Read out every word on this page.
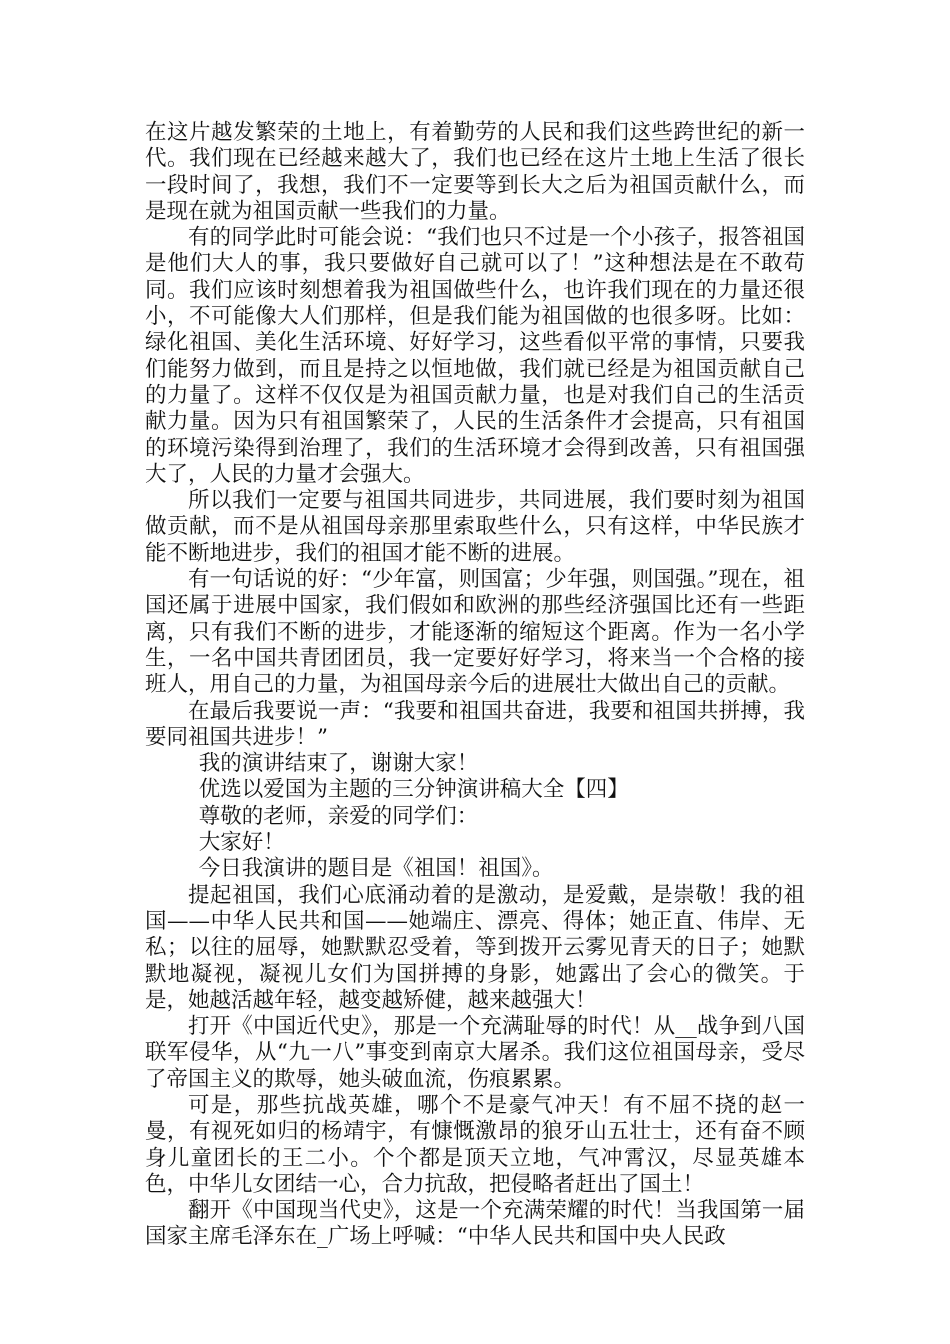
在这片越发繁荣的土地上，有着勤劳的人民和我们这些跨世纪的新一代。我们现在已经越来越大了，我们也已经在这片土地上生活了很长一段时间了，我想，我们不一定要等到长大之后为祖国贡献什么，而是现在就为祖国贡献一些我们的力量。

有的同学此时可能会说：“我们也只不过是一个小孩子，报答祖国是他们大人的事，我只要做好自己就可以了！”这种想法是在不敢苟同。我们应该时刻想着我为祖国做些什么，也许我们现在的力量还很小，不可能像大人们那样，但是我们能为祖国做的也很多呀。比如：绿化祖国、美化生活环境、好好学习，这些看似平常的事情，只要我们能努力做到，而且是持之以恒地做，我们就已经是为祖国贡献自己的力量了。这样不仅仅是为祖国贡献力量，也是对我们自己的生活贡献力量。因为只有祖国繁荣了，人民的生活条件才会提高，只有祖国的环境污染得到治理了，我们的生活环境才会得到改善，只有祖国强大了，人民的力量才会强大。

所以我们一定要与祖国共同进步，共同进展，我们要时刻为祖国做贡献，而不是从祖国母亲那里索取些什么，只有这样，中华民族才能不断地进步，我们的祖国才能不断的进展。

有一句话说的好：“少年富，则国富；少年强，则国强。”现在，祖国还属于进展中国家，我们假如和欧洲的那些经济强国比还有一些距离，只有我们不断的进步，才能逐渐的缩短这个距离。作为一名小学生，一名中国共青团团员，我一定要好好学习，将来当一个合格的接班人，用自己的力量，为祖国母亲今后的进展壮大做出自己的贡献。

在最后我要说一声：“我要和祖国共奋进，我要和祖国共拼搏，我要同祖国共进步！”

我的演讲结束了，谢谢大家！

优选以爱国为主题的三分钟演讲稿大全【四】

尊敬的老师，亲爱的同学们：

大家好！

今日我演讲的题目是《祖国！祖国》。

提起祖国，我们心底涌动着的是激动，是爱戴，是崇敬！我的祖国——中华人民共和国——她端庄、漂亮、得体；她正直、伟岸、无私；以往的屈辱，她默默忍受着，等到拨开云雾见青天的日子；她默默地凝视，凝视儿女们为国拼搏的身影，她露出了会心的微笑。于是，她越活越年轻，越变越矫健，越来越强大！

打开《中国近代史》，那是一个充满耻辱的时代！从__战争到八国联军侵华，从“九一八”事变到南京大屠杀。我们这位祖国母亲，受尽了帝国主义的欺辱，她头破血流，伤痕累累。

可是，那些抗战英雄，哪个不是豪气冲天！有不屈不挠的赵一曼，有视死如归的杨靖宇，有慷慨激昂的狼牙山五壮士，还有奋不顾身儿童团长的王二小。个个都是顶天立地，气冲霄汉，尽显英雄本色，中华儿女团结一心，合力抗敌，把侵略者赶出了国土！

翻开《中国现当代史》，这是一个充满荣耀的时代！当我国第一届国家主席毛泽东在_广场上呼喊：“中华人民共和国中央人民政
